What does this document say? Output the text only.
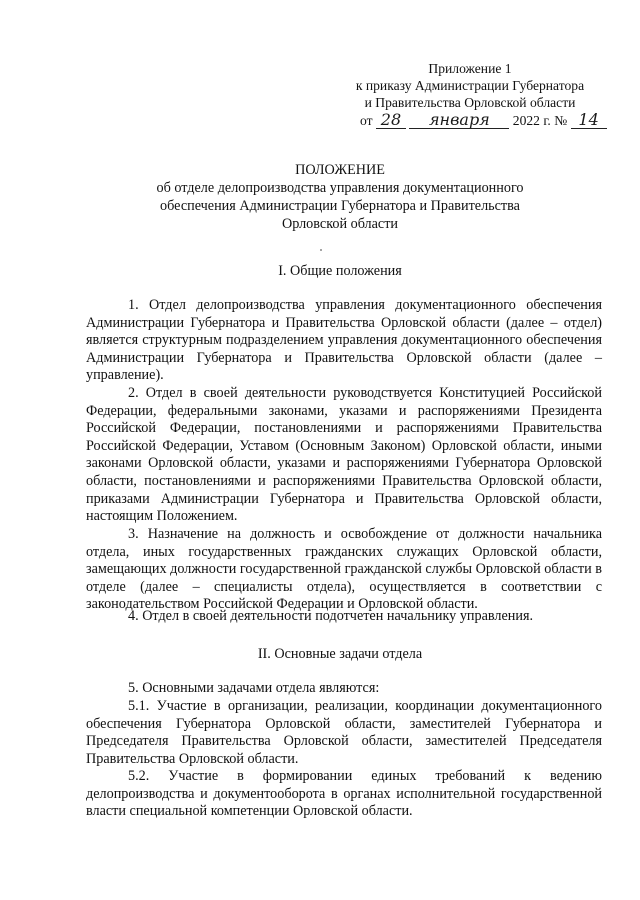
Приложение 1
к приказу Администрации Губернатора
и Правительства Орловской области
от 28 января 2022 г. № 14
ПОЛОЖЕНИЕ
об отделе делопроизводства управления документационного
обеспечения Администрации Губернатора и Правительства
Орловской области
I. Общие положения
1. Отдел делопроизводства управления документационного обеспечения Администрации Губернатора и Правительства Орловской области (далее – отдел) является структурным подразделением управления документационного обеспечения Администрации Губернатора и Правительства Орловской области (далее – управление).
2. Отдел в своей деятельности руководствуется Конституцией Российской Федерации, федеральными законами, указами и распоряжениями Президента Российской Федерации, постановлениями и распоряжениями Правительства Российской Федерации, Уставом (Основным Законом) Орловской области, иными законами Орловской области, указами и распоряжениями Губернатора Орловской области, постановлениями и распоряжениями Правительства Орловской области, приказами Администрации Губернатора и Правительства Орловской области, настоящим Положением.
3. Назначение на должность и освобождение от должности начальника отдела, иных государственных гражданских служащих Орловской области, замещающих должности государственной гражданской службы Орловской области в отделе (далее – специалисты отдела), осуществляется в соответствии с законодательством Российской Федерации и Орловской области.
4. Отдел в своей деятельности подотчетен начальнику управления.
II. Основные задачи отдела
5. Основными задачами отдела являются:
5.1. Участие в организации, реализации, координации документационного обеспечения Губернатора Орловской области, заместителей Губернатора и Председателя Правительства Орловской области, заместителей Председателя Правительства Орловской области.
5.2. Участие в формировании единых требований к ведению делопроизводства и документооборота в органах исполнительной государственной власти специальной компетенции Орловской области.
